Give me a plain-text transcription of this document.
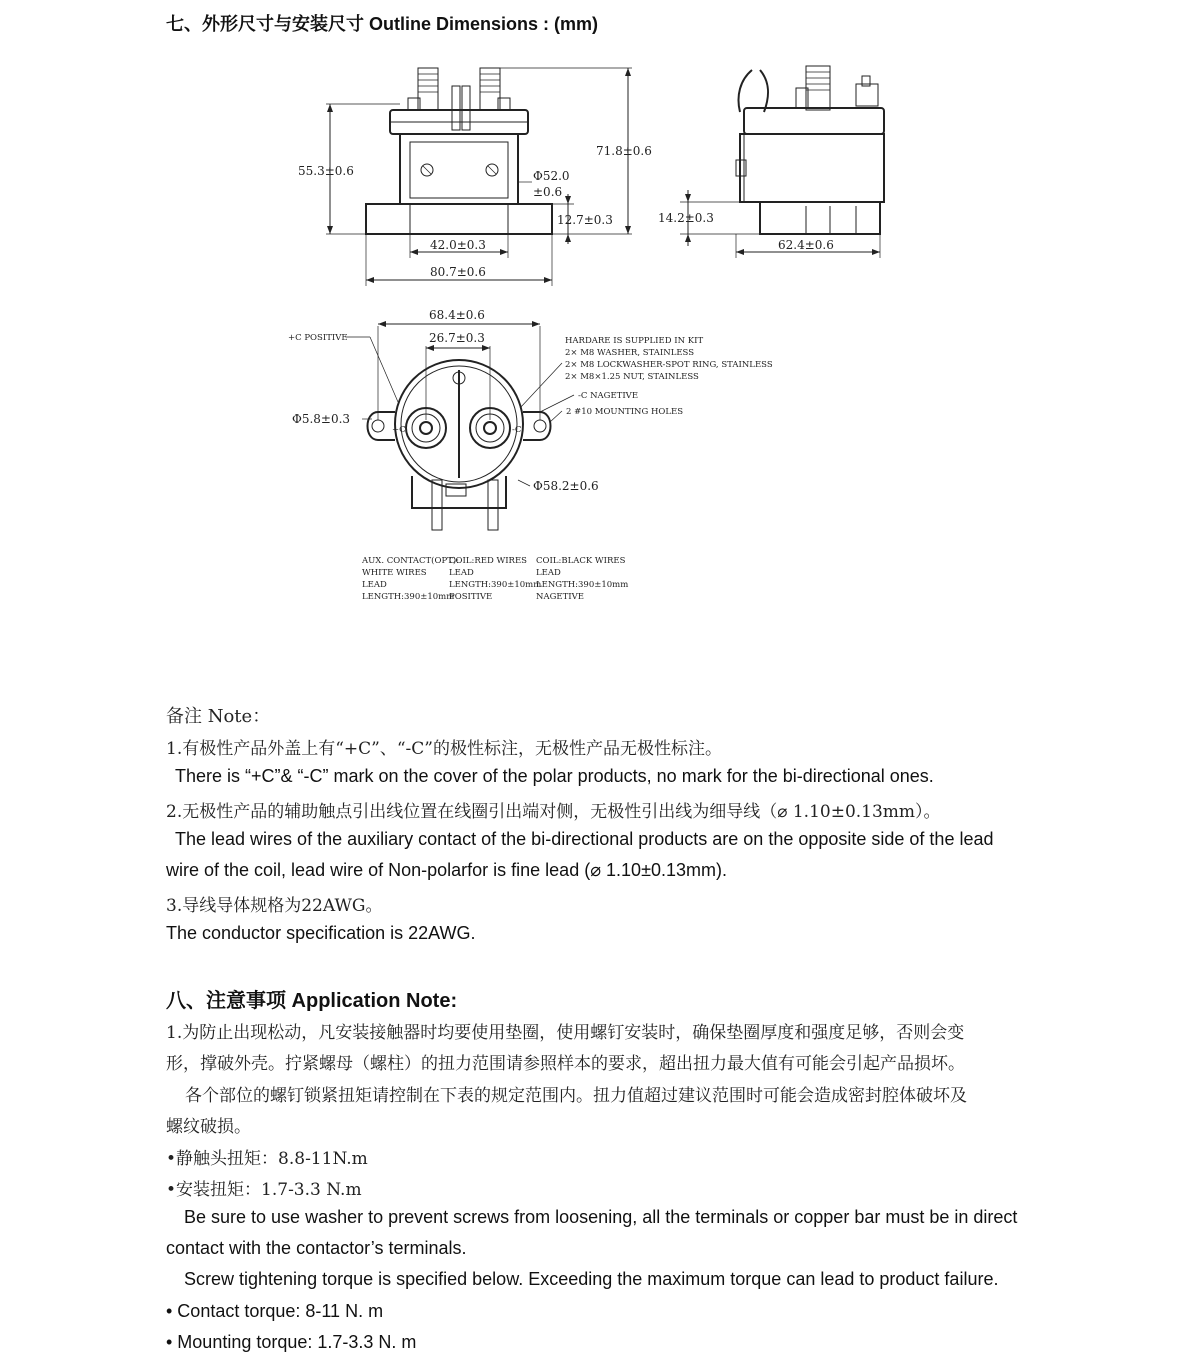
七、外形尺寸与安装尺寸 Outline Dimensions : (mm)
55.3±0.6
71.8±0.6
Φ52.0
±0.6
12.7±0.3
42.0±0.3
80.7±0.6
14.2±0.3
62.4±0.6
68.4±0.6
26.7±0.3
+C	-C
+C POSITIVE
Φ5.8±0.3
-C NAGETIVE
2 #10 MOUNTING HOLES
Φ58.2±0.6
HARDARE IS SUPPLIED IN KIT
2× M8 WASHER, STAINLESS
2× M8 LOCKWASHER-SPOT RING, STAINLESS
2× M8×1.25 NUT, STAINLESS
AUX. CONTACT(OPT):
WHITE WIRES
LEAD
LENGTH:390±10mm
COIL:RED WIRES
LEAD
LENGTH:390±10mm
POSITIVE
COIL:BLACK WIRES
LEAD
LENGTH:390±10mm
NAGETIVE
备注 Note：
1.有极性产品外盖上有“+C”、“-C”的极性标注，无极性产品无极性标注。
There is “+C”& “-C” mark on the cover of the polar products, no mark for the bi-directional ones.
2.无极性产品的辅助触点引出线位置在线圈引出端对侧，无极性引出线为细导线（⌀ 1.10±0.13mm）。
The lead wires of the auxiliary contact of the bi-directional products are on the opposite side of the lead
wire of the coil, lead wire of Non-polarfor is fine lead (⌀ 1.10±0.13mm).
3.导线导体规格为22AWG。
The conductor specification is 22AWG.
八、注意事项 Application Note:
1.为防止出现松动，凡安装接触器时均要使用垫圈，使用螺钉安装时，确保垫圈厚度和强度足够，否则会变
形，撑破外壳。拧紧螺母（螺柱）的扭力范围请参照样本的要求，超出扭力最大值有可能会引起产品损坏。
各个部位的螺钉锁紧扭矩请控制在下表的规定范围内。扭力值超过建议范围时可能会造成密封腔体破坏及
螺纹破损。
•静触头扭矩：8.8-11N.m
•安装扭矩：1.7-3.3 N.m
Be sure to use washer to prevent screws from loosening, all the terminals or copper bar must be in direct
contact with the contactor’s terminals.
Screw tightening torque is specified below. Exceeding the maximum torque can lead to product failure.
• Contact torque: 8-11 N. m
• Mounting torque: 1.7-3.3 N. m
